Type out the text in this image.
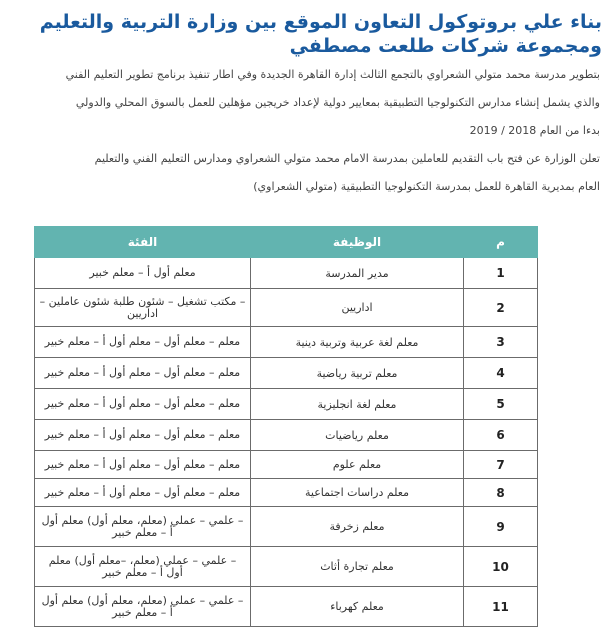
بناء علي بروتوكول التعاون الموقع بين وزارة التربية والتعليم
ومجموعة شركات طلعت مصطفي
بتطوير مدرسة محمد متولي الشعراوي بالتجمع الثالث إدارة القاهرة الجديدة وفي اطار تنفيذ برنامج تطوير التعليم الفني
والذي يشمل إنشاء مدارس التكنولوجيا التطبيقية بمعايير دولية لإعداد خريجين مؤهلين للعمل بالسوق المحلي والدولي
بدءا من العام 2018 / 2019
تعلن الوزارة عن فتح باب التقديم للعاملين بمدرسة الامام محمد متولي الشعراوي ومدارس التعليم الفني والتعليم
العام بمديرية القاهرة للعمل بمدرسة التكنولوجيا التطبيقية (متولي الشعراوي)
م	الوظيفة	الفئة
1	مدير المدرسة	معلم أول أ – معلم خبير
2	اداريين	– مكتب تشغيل – شئون طلبة شئون عاملين – اداريين
3	معلم لغة عربية وتربية دينية	معلم – معلم أول – معلم أول أ – معلم خبير
4	معلم تربية رياضية	معلم – معلم أول – معلم أول أ – معلم خبير
5	معلم لغة انجليزية	معلم – معلم أول – معلم أول أ – معلم خبير
6	معلم رياضيات	معلم – معلم أول – معلم أول أ – معلم خبير
7	معلم علوم	معلم – معلم أول – معلم أول أ – معلم خبير
8	معلم دراسات اجتماعية	معلم – معلم أول – معلم أول أ – معلم خبير
9	معلم زخرفة	– علمي – عملي (معلم، معلم أول) معلم أول أ – معلم خبير
10	معلم تجارة أثاث	– علمي – عملي (معلم، –معلم أول) معلم أول أ – معلم خبير
11	معلم كهرباء	– علمي – عملي (معلم، معلم أول) معلم أول أ – معلم خبير
